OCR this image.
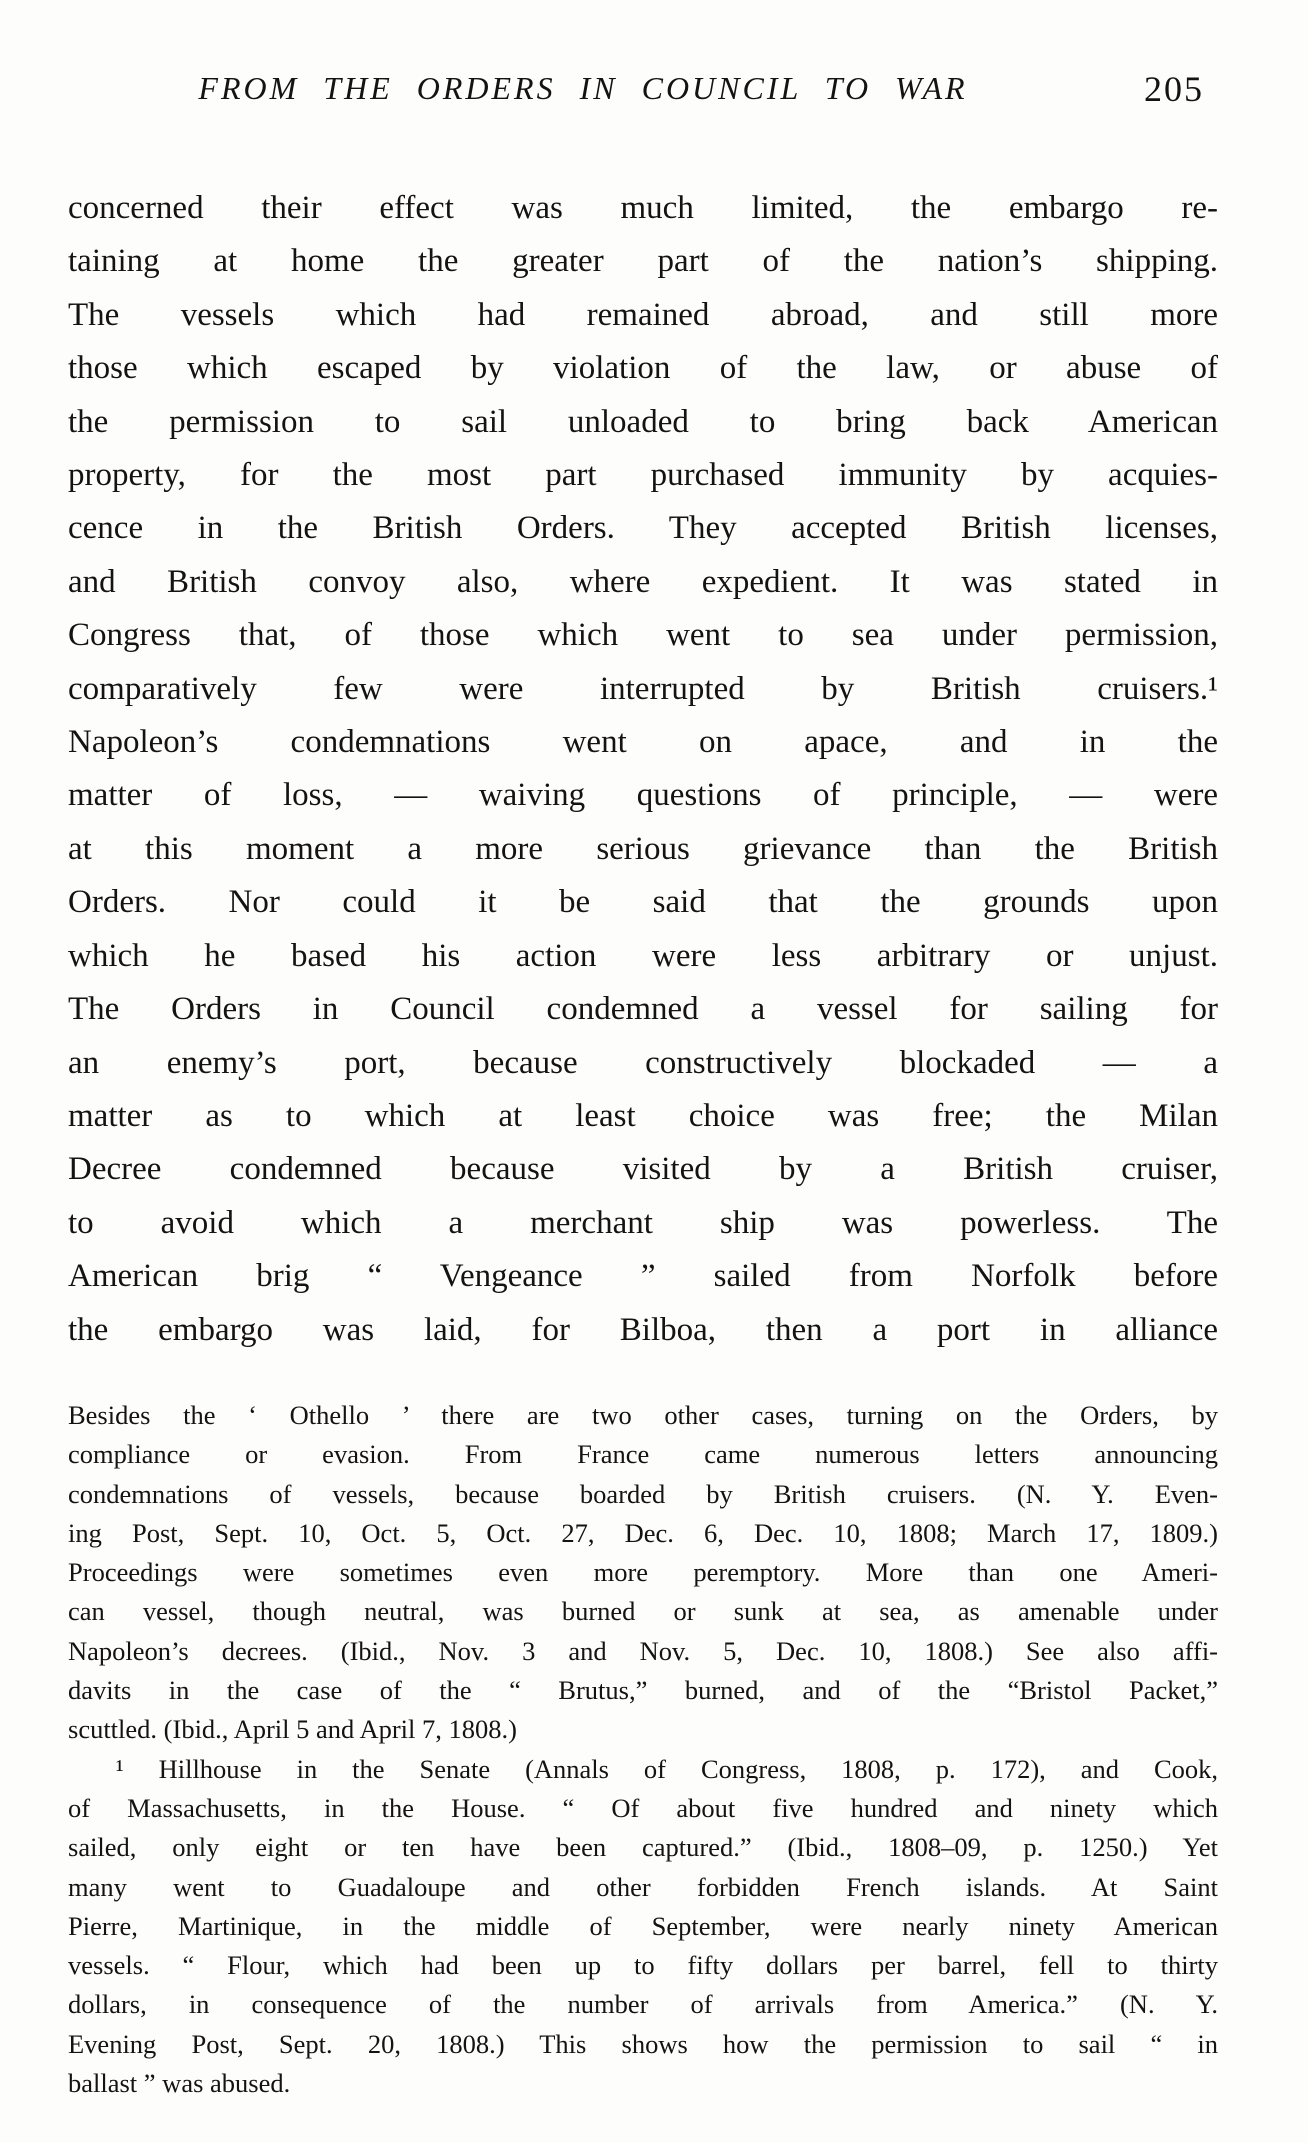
FROM THE ORDERS IN COUNCIL TO WAR	205
concerned their effect was much limited, the embargo re-
taining at home the greater part of the nation’s shipping.
The vessels which had remained abroad, and still more
those which escaped by violation of the law, or abuse of
the permission to sail unloaded to bring back American
property, for the most part purchased immunity by acquies-
cence in the British Orders. They accepted British licenses,
and British convoy also, where expedient. It was stated in
Congress that, of those which went to sea under permission,
comparatively few were interrupted by British cruisers.¹
Napoleon’s condemnations went on apace, and in the
matter of loss, — waiving questions of principle, — were
at this moment a more serious grievance than the British
Orders. Nor could it be said that the grounds upon
which he based his action were less arbitrary or unjust.
The Orders in Council condemned a vessel for sailing for
an enemy’s port, because constructively blockaded — a
matter as to which at least choice was free; the Milan
Decree condemned because visited by a British cruiser,
to avoid which a merchant ship was powerless. The
American brig “ Vengeance ” sailed from Norfolk before
the embargo was laid, for Bilboa, then a port in alliance
Besides the ‘ Othello ’ there are two other cases, turning on the Orders, by
compliance or evasion. From France came numerous letters announcing
condemnations of vessels, because boarded by British cruisers. (N. Y. Even-
ing Post, Sept. 10, Oct. 5, Oct. 27, Dec. 6, Dec. 10, 1808; March 17, 1809.)
Proceedings were sometimes even more peremptory. More than one Ameri-
can vessel, though neutral, was burned or sunk at sea, as amenable under
Napoleon’s decrees. (Ibid., Nov. 3 and Nov. 5, Dec. 10, 1808.) See also affi-
davits in the case of the “ Brutus,” burned, and of the “Bristol Packet,”
scuttled. (Ibid., April 5 and April 7, 1808.)
¹ Hillhouse in the Senate (Annals of Congress, 1808, p. 172), and Cook,
of Massachusetts, in the House. “ Of about five hundred and ninety which
sailed, only eight or ten have been captured.” (Ibid., 1808–09, p. 1250.) Yet
many went to Guadaloupe and other forbidden French islands. At Saint
Pierre, Martinique, in the middle of September, were nearly ninety American
vessels. “ Flour, which had been up to fifty dollars per barrel, fell to thirty
dollars, in consequence of the number of arrivals from America.” (N. Y.
Evening Post, Sept. 20, 1808.) This shows how the permission to sail “ in
ballast ” was abused.
